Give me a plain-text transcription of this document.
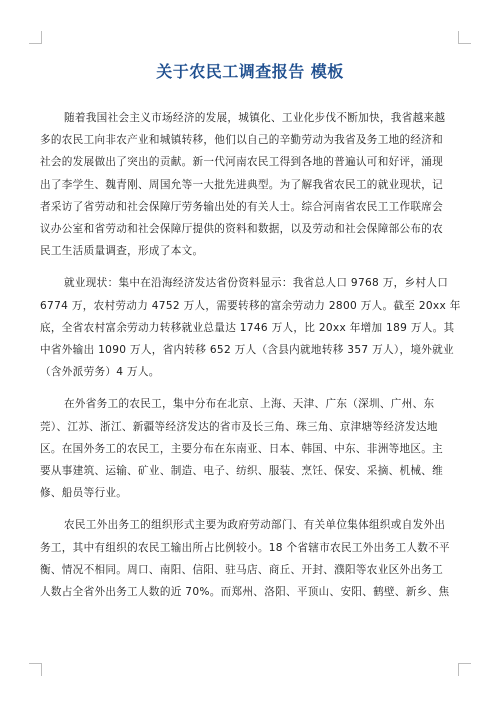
关于农民工调查报告 模板
随着我国社会主义市场经济的发展，城镇化、工业化步伐不断加快，我省越来越
多的农民工向非农产业和城镇转移，他们以自己的辛勤劳动为我省及务工地的经济和
社会的发展做出了突出的贡献。新一代河南农民工得到各地的普遍认可和好评，涌现
出了李学生、魏青刚、周国允等一大批先进典型。为了解我省农民工的就业现状，记
者采访了省劳动和社会保障厅劳务输出处的有关人士。综合河南省农民工工作联席会
议办公室和省劳动和社会保障厅提供的资料和数据，以及劳动和社会保障部公布的农
民工生活质量调查，形成了本文。
就业现状：集中在沿海经济发达省份资料显示：我省总人口 9768 万，乡村人口
6774 万，农村劳动力 4752 万人，需要转移的富余劳动力 2800 万人。截至 20xx 年
底，全省农村富余劳动力转移就业总量达 1746 万人，比 20xx 年增加 189 万人。其
中省外输出 1090 万人，省内转移 652 万人（含县内就地转移 357 万人），境外就业
（含外派劳务）4 万人。
在外省务工的农民工，集中分布在北京、上海、天津、广东（深圳、广州、东
莞）、江苏、浙江、新疆等经济发达的省市及长三角、珠三角、京津塘等经济发达地
区。在国外务工的农民工，主要分布在东南亚、日本、韩国、中东、非洲等地区。主
要从事建筑、运输、矿业、制造、电子、纺织、服装、烹饪、保安、采摘、机械、维
修、船员等行业。
农民工外出务工的组织形式主要为政府劳动部门、有关单位集体组织或自发外出
务工，其中有组织的农民工输出所占比例较小。18 个省辖市农民工外出务工人数不平
衡、情况不相同。周口、南阳、信阳、驻马店、商丘、开封、濮阳等农业区外出务工
人数占全省外出务工人数的近 70%。而郑州、洛阳、平顶山、安阳、鹤壁、新乡、焦
